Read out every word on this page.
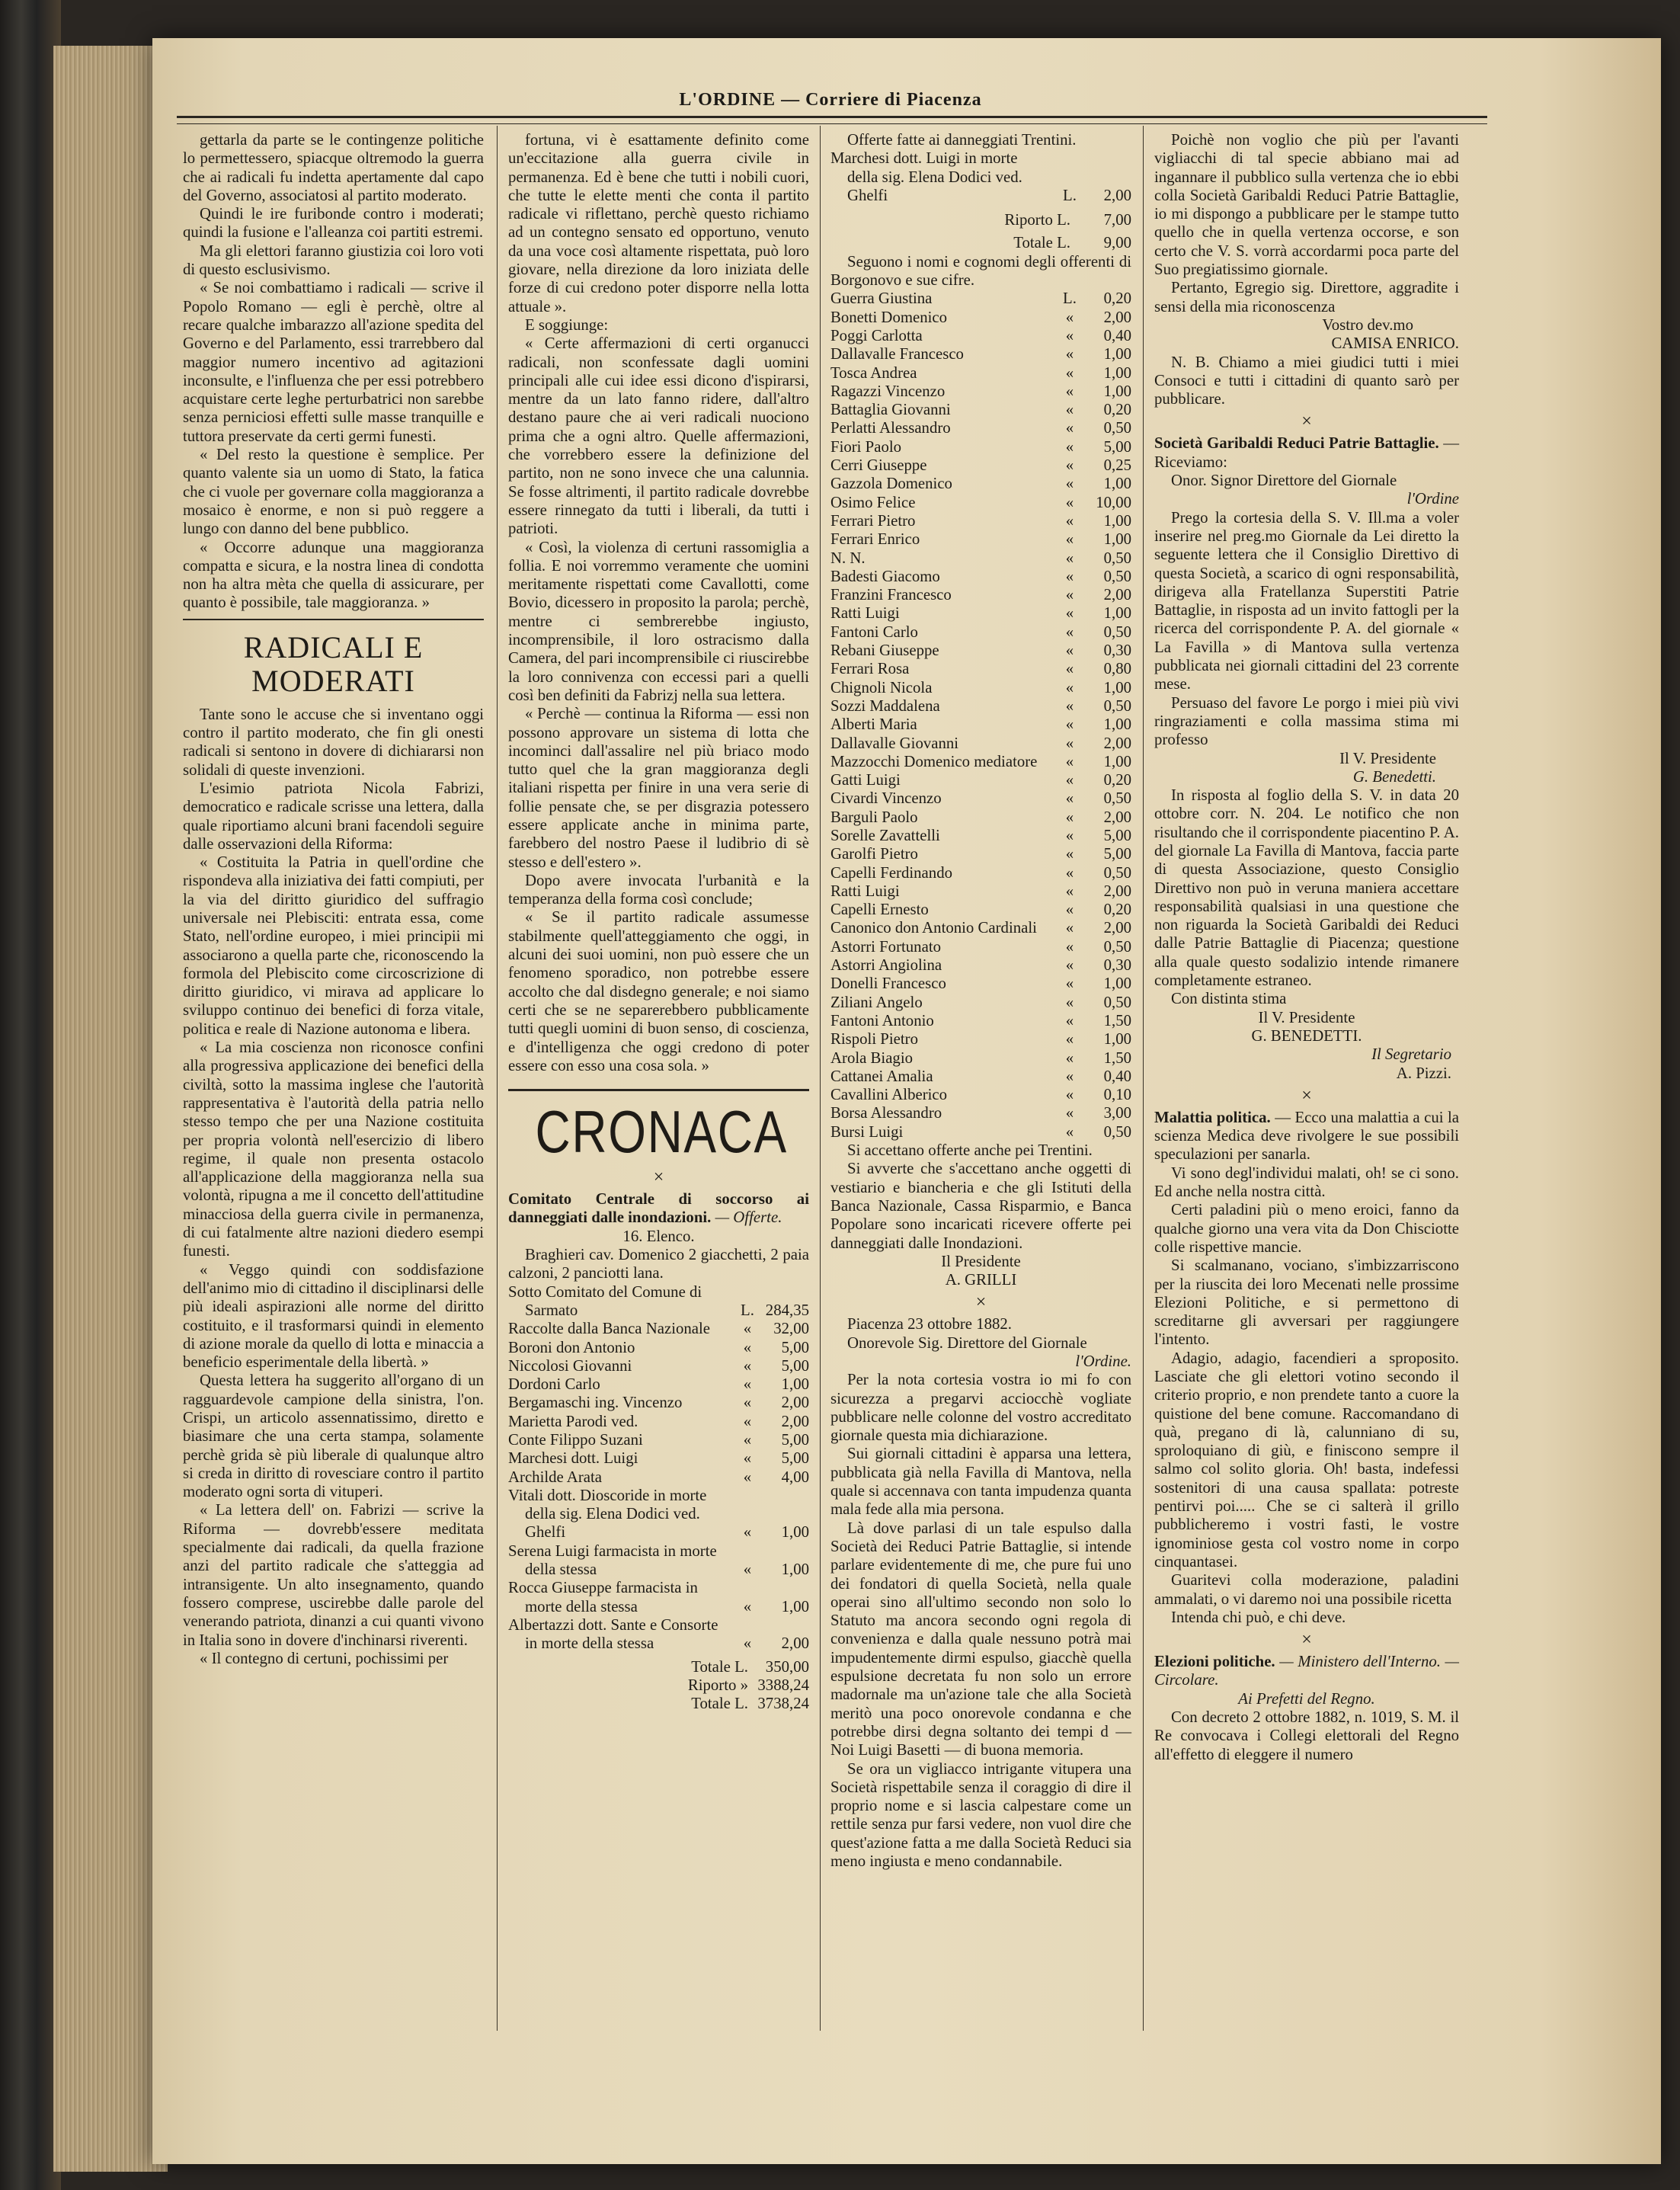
L'ORDINE — Corriere di Piacenza

gettarla da parte se le contingenze politiche lo permettessero, spiacque oltremodo la guerra che ai radicali fu indetta apertamente dal capo del Governo, associatosi al partito moderato.

Quindi le ire furibonde contro i moderati; quindi la fusione e l'alleanza coi partiti estremi.

Ma gli elettori faranno giustizia coi loro voti di questo esclusivismo.

« Se noi combattiamo i radicali — scrive il Popolo Romano — egli è perchè, oltre al recare qualche imbarazzo all'azione spedita del Governo e del Parlamento, essi trarrebbero dal maggior numero incentivo ad agitazioni inconsulte, e l'influenza che per essi potrebbero acquistare certe leghe perturbatrici non sarebbe senza perniciosi effetti sulle masse tranquille e tuttora preservate da certi germi funesti.

« Del resto la questione è semplice. Per quanto valente sia un uomo di Stato, la fatica che ci vuole per governare colla maggioranza a mosaico è enorme, e non si può reggere a lungo con danno del bene pubblico.

« Occorre adunque una maggioranza compatta e sicura, e la nostra linea di condotta non ha altra mèta che quella di assicurare, per quanto è possibile, tale maggioranza. »

RADICALI E MODERATI

Tante sono le accuse che si inventano oggi contro il partito moderato, che fin gli onesti radicali si sentono in dovere di dichiararsi non solidali di queste invenzioni.

L'esimio patriota Nicola Fabrizi, democratico e radicale scrisse una lettera, dalla quale riportiamo alcuni brani facendoli seguire dalle osservazioni della Riforma:

« Costituita la Patria in quell'ordine che rispondeva alla iniziativa dei fatti compiuti, per la via del diritto giuridico del suffragio universale nei Plebisciti: entrata essa, come Stato, nell'ordine europeo, i miei principii mi associarono a quella parte che, riconoscendo la formola del Plebiscito come circoscrizione di diritto giuridico, vi mirava ad applicare lo sviluppo continuo dei benefici di forza vitale, politica e reale di Nazione autonoma e libera.

« La mia coscienza non riconosce confini alla progressiva applicazione dei benefici della civiltà, sotto la massima inglese che l'autorità rappresentativa è l'autorità della patria nello stesso tempo che per una Nazione costituita per propria volontà nell'esercizio di libero regime, il quale non presenta ostacolo all'applicazione della maggioranza nella sua volontà, ripugna a me il concetto dell'attitudine minacciosa della guerra civile in permanenza, di cui fatalmente altre nazioni diedero esempi funesti.

« Veggo quindi con soddisfazione dell'animo mio di cittadino il disciplinarsi delle più ideali aspirazioni alle norme del diritto costituito, e il trasformarsi quindi in elemento di azione morale da quello di lotta e minaccia a beneficio esperimentale della libertà. »

Questa lettera ha suggerito all'organo di un ragguardevole campione della sinistra, l'on. Crispi, un articolo assennatissimo, diretto e biasimare che una certa stampa, solamente perchè grida sè più liberale di qualunque altro si creda in diritto di rovesciare contro il partito moderato ogni sorta di vituperi.

« La lettera dell' on. Fabrizi — scrive la Riforma — dovrebb'essere meditata specialmente dai radicali, da quella frazione anzi del partito radicale che s'atteggia ad intransigente. Un alto insegnamento, quando fossero comprese, uscirebbe dalle parole del venerando patriota, dinanzi a cui quanti vivono in Italia sono in dovere d'inchinarsi riverenti.

« Il contegno di certuni, pochissimi per

fortuna, vi è esattamente definito come un'eccitazione alla guerra civile in permanenza. Ed è bene che tutti i nobili cuori, che tutte le elette menti che conta il partito radicale vi riflettano, perchè questo richiamo ad un contegno sensato ed opportuno, venuto da una voce così altamente rispettata, può loro giovare, nella direzione da loro iniziata delle forze di cui credono poter disporre nella lotta attuale ».

E soggiunge:

« Certe affermazioni di certi organucci radicali, non sconfessate dagli uomini principali alle cui idee essi dicono d'ispirarsi, mentre da un lato fanno ridere, dall'altro destano paure che ai veri radicali nuociono prima che a ogni altro. Quelle affermazioni, che vorrebbero essere la definizione del partito, non ne sono invece che una calunnia. Se fosse altrimenti, il partito radicale dovrebbe essere rinnegato da tutti i liberali, da tutti i patrioti.

« Così, la violenza di certuni rassomiglia a follia. E noi vorremmo veramente che uomini meritamente rispettati come Cavallotti, come Bovio, dicessero in proposito la parola; perchè, mentre ci sembrerebbe ingiusto, incomprensibile, il loro ostracismo dalla Camera, del pari incomprensibile ci riuscirebbe la loro connivenza con eccessi pari a quelli così ben definiti da Fabrizj nella sua lettera.

« Perchè — continua la Riforma — essi non possono approvare un sistema di lotta che incominci dall'assalire nel più briaco modo tutto quel che la gran maggioranza degli italiani rispetta per finire in una vera serie di follie pensate che, se per disgrazia potessero essere applicate anche in minima parte, farebbero del nostro Paese il ludibrio di sè stesso e dell'estero ».

Dopo avere invocata l'urbanità e la temperanza della forma così conclude;

« Se il partito radicale assumesse stabilmente quell'atteggiamento che oggi, in alcuni dei suoi uomini, non può essere che un fenomeno sporadico, non potrebbe essere accolto che dal disdegno generale; e noi siamo certi che se ne separerebbero pubblicamente tutti quegli uomini di buon senso, di coscienza, e d'intelligenza che oggi credono di poter essere con esso una cosa sola. »

CRONACA
×

Comitato Centrale di soccorso ai danneggiati dalle inondazioni. — Offerte.

16. Elenco.

Braghieri cav. Domenico 2 giacchetti, 2 paia calzoni, 2 panciotti lana.

Sotto Comitato del Comune di
Sarmato	L. 284,35
Raccolte dalla Banca Nazionale	«	32,00
Boroni don Antonio	«	5,00
Niccolosi Giovanni	«	5,00
Dordoni Carlo	«	1,00
Bergamaschi ing. Vincenzo	«	2,00
Marietta Parodi ved.	«	2,00
Conte Filippo Suzani	«	5,00
Marchesi dott. Luigi	«	5,00
Archilde Arata	«	4,00
Vitali dott. Dioscoride in morte
della sig. Elena Dodici ved.
Ghelfi	«	1,00
Serena Luigi farmacista in morte
della stessa	«	1,00
Rocca Giuseppe farmacista in
morte della stessa	«	1,00
Albertazzi dott. Sante e Consorte
in morte della stessa	«	2,00
Totale L.	350,00
Riporto » 3388,24
Totale L. 3738,24

Offerte fatte ai danneggiati Trentini.

Marchesi dott. Luigi in morte
della sig. Elena Dodici ved.
Ghelfi	L.	2,00
Riporto L.	7,00
Totale L.	9,00

Seguono i nomi e cognomi degli offerenti di Borgonovo e sue cifre.

Guerra Giustina	L.	0,20
Bonetti Domenico	«	2,00
Poggi Carlotta	«	0,40
Dallavalle Francesco	«	1,00
Tosca Andrea	«	1,00
Ragazzi Vincenzo	«	1,00
Battaglia Giovanni	«	0,20
Perlatti Alessandro	«	0,50
Fiori Paolo	«	5,00
Cerri Giuseppe	«	0,25
Gazzola Domenico	«	1,00
Osimo Felice	«	10,00
Ferrari Pietro	«	1,00
Ferrari Enrico	«	1,00
N. N.	«	0,50
Badesti Giacomo	«	0,50
Franzini Francesco	«	2,00
Ratti Luigi	«	1,00
Fantoni Carlo	«	0,50
Rebani Giuseppe	«	0,30
Ferrari Rosa	«	0,80
Chignoli Nicola	«	1,00
Sozzi Maddalena	«	0,50
Alberti Maria	«	1,00
Dallavalle Giovanni	«	2,00
Mazzocchi Domenico mediatore	«	1,00
Gatti Luigi	«	0,20
Civardi Vincenzo	«	0,50
Barguli Paolo	«	2,00
Sorelle Zavattelli	«	5,00
Garolfi Pietro	«	5,00
Capelli Ferdinando	«	0,50
Ratti Luigi	«	2,00
Capelli Ernesto	«	0,20
Canonico don Antonio Cardinali	«	2,00
Astorri Fortunato	«	0,50
Astorri Angiolina	«	0,30
Donelli Francesco	«	1,00
Ziliani Angelo	«	0,50
Fantoni Antonio	«	1,50
Rispoli Pietro	«	1,00
Arola Biagio	«	1,50
Cattanei Amalia	«	0,40
Cavallini Alberico	«	0,10
Borsa Alessandro	«	3,00
Bursi Luigi	«	0,50

Si accettano offerte anche pei Trentini.

Si avverte che s'accettano anche oggetti di vestiario e biancheria e che gli Istituti della Banca Nazionale, Cassa Risparmio, e Banca Popolare sono incaricati ricevere offerte pei danneggiati dalle Inondazioni.

Il Presidente

A. GRILLI

×

Piacenza 23 ottobre 1882.

Onorevole Sig. Direttore del Giornale

l'Ordine.

Per la nota cortesia vostra io mi fo con sicurezza a pregarvi acciocchè vogliate pubblicare nelle colonne del vostro accreditato giornale questa mia dichiarazione.

Sui giornali cittadini è apparsa una lettera, pubblicata già nella Favilla di Mantova, nella quale si accennava con tanta impudenza quanta mala fede alla mia persona.

Là dove parlasi di un tale espulso dalla Società dei Reduci Patrie Battaglie, si intende parlare evidentemente di me, che pure fui uno dei fondatori di quella Società, nella quale operai sino all'ultimo secondo non solo lo Statuto ma ancora secondo ogni regola di convenienza e dalla quale nessuno potrà mai impudentemente dirmi espulso, giacchè quella espulsione decretata fu non solo un errore madornale ma un'azione tale che alla Società meritò una poco onorevole condanna e che potrebbe dirsi degna soltanto dei tempi d — Noi Luigi Basetti — di buona memoria.

Se ora un vigliacco intrigante vitupera una Società rispettabile senza il coraggio di dire il proprio nome e si lascia calpestare come un rettile senza pur farsi vedere, non vuol dire che quest'azione fatta a me dalla Società Reduci sia meno ingiusta e meno condannabile.

Poichè non voglio che più per l'avanti vigliacchi di tal specie abbiano mai ad ingannare il pubblico sulla vertenza che io ebbi colla Società Garibaldi Reduci Patrie Battaglie, io mi dispongo a pubblicare per le stampe tutto quello che in quella vertenza occorse, e son certo che V. S. vorrà accordarmi poca parte del Suo pregiatissimo giornale.

Pertanto, Egregio sig. Direttore, aggradite i sensi della mia riconoscenza

Vostro dev.mo

CAMISA ENRICO.

N. B. Chiamo a miei giudici tutti i miei Consoci e tutti i cittadini di quanto sarò per pubblicare.

×

Società Garibaldi Reduci Patrie Battaglie. — Riceviamo:

Onor. Signor Direttore del Giornale

l'Ordine

Prego la cortesia della S. V. Ill.ma a voler inserire nel preg.mo Giornale da Lei diretto la seguente lettera che il Consiglio Direttivo di questa Società, a scarico di ogni responsabilità, dirigeva alla Fratellanza Superstiti Patrie Battaglie, in risposta ad un invito fattogli per la ricerca del corrispondente P. A. del giornale « La Favilla » di Mantova sulla vertenza pubblicata nei giornali cittadini del 23 corrente mese.

Persuaso del favore Le porgo i miei più vivi ringraziamenti e colla massima stima mi professo

Il V. Presidente

G. Benedetti.

In risposta al foglio della S. V. in data 20 ottobre corr. N. 204. Le notifico che non risultando che il corrispondente piacentino P. A. del giornale La Favilla di Mantova, faccia parte di questa Associazione, questo Consiglio Direttivo non può in veruna maniera accettare responsabilità qualsiasi in una questione che non riguarda la Società Garibaldi dei Reduci dalle Patrie Battaglie di Piacenza; questione alla quale questo sodalizio intende rimanere completamente estraneo.

Con distinta stima

Il V. Presidente

G. BENEDETTI.

Il Segretario

A. Pizzi.

×

Malattia politica. — Ecco una malattia a cui la scienza Medica deve rivolgere le sue possibili speculazioni per sanarla.

Vi sono degl'individui malati, oh! se ci sono. Ed anche nella nostra città.

Certi paladini più o meno eroici, fanno da qualche giorno una vera vita da Don Chisciotte colle rispettive mancie.

Si scalmanano, vociano, s'imbizzarriscono per la riuscita dei loro Mecenati nelle prossime Elezioni Politiche, e si permettono di screditarne gli avversari per raggiungere l'intento.

Adagio, adagio, facendieri a sproposito. Lasciate che gli elettori votino secondo il criterio proprio, e non prendete tanto a cuore la quistione del bene comune. Raccomandano di quà, pregano di là, calunniano di su, sproloquiano di giù, e finiscono sempre il salmo col solito gloria. Oh! basta, indefessi sostenitori di una causa spallata: potreste pentirvi poi..... Che se ci salterà il grillo pubblicheremo i vostri fasti, le vostre ignominiose gesta col vostro nome in corpo cinquantasei.

Guaritevi colla moderazione, paladini ammalati, o vi daremo noi una possibile ricetta

Intenda chi può, e chi deve.

×

Elezioni politiche. — Ministero dell'Interno. — Circolare.

Ai Prefetti del Regno.

Con decreto 2 ottobre 1882, n. 1019, S. M. il Re convocava i Collegi elettorali del Regno all'effetto di eleggere il numero
